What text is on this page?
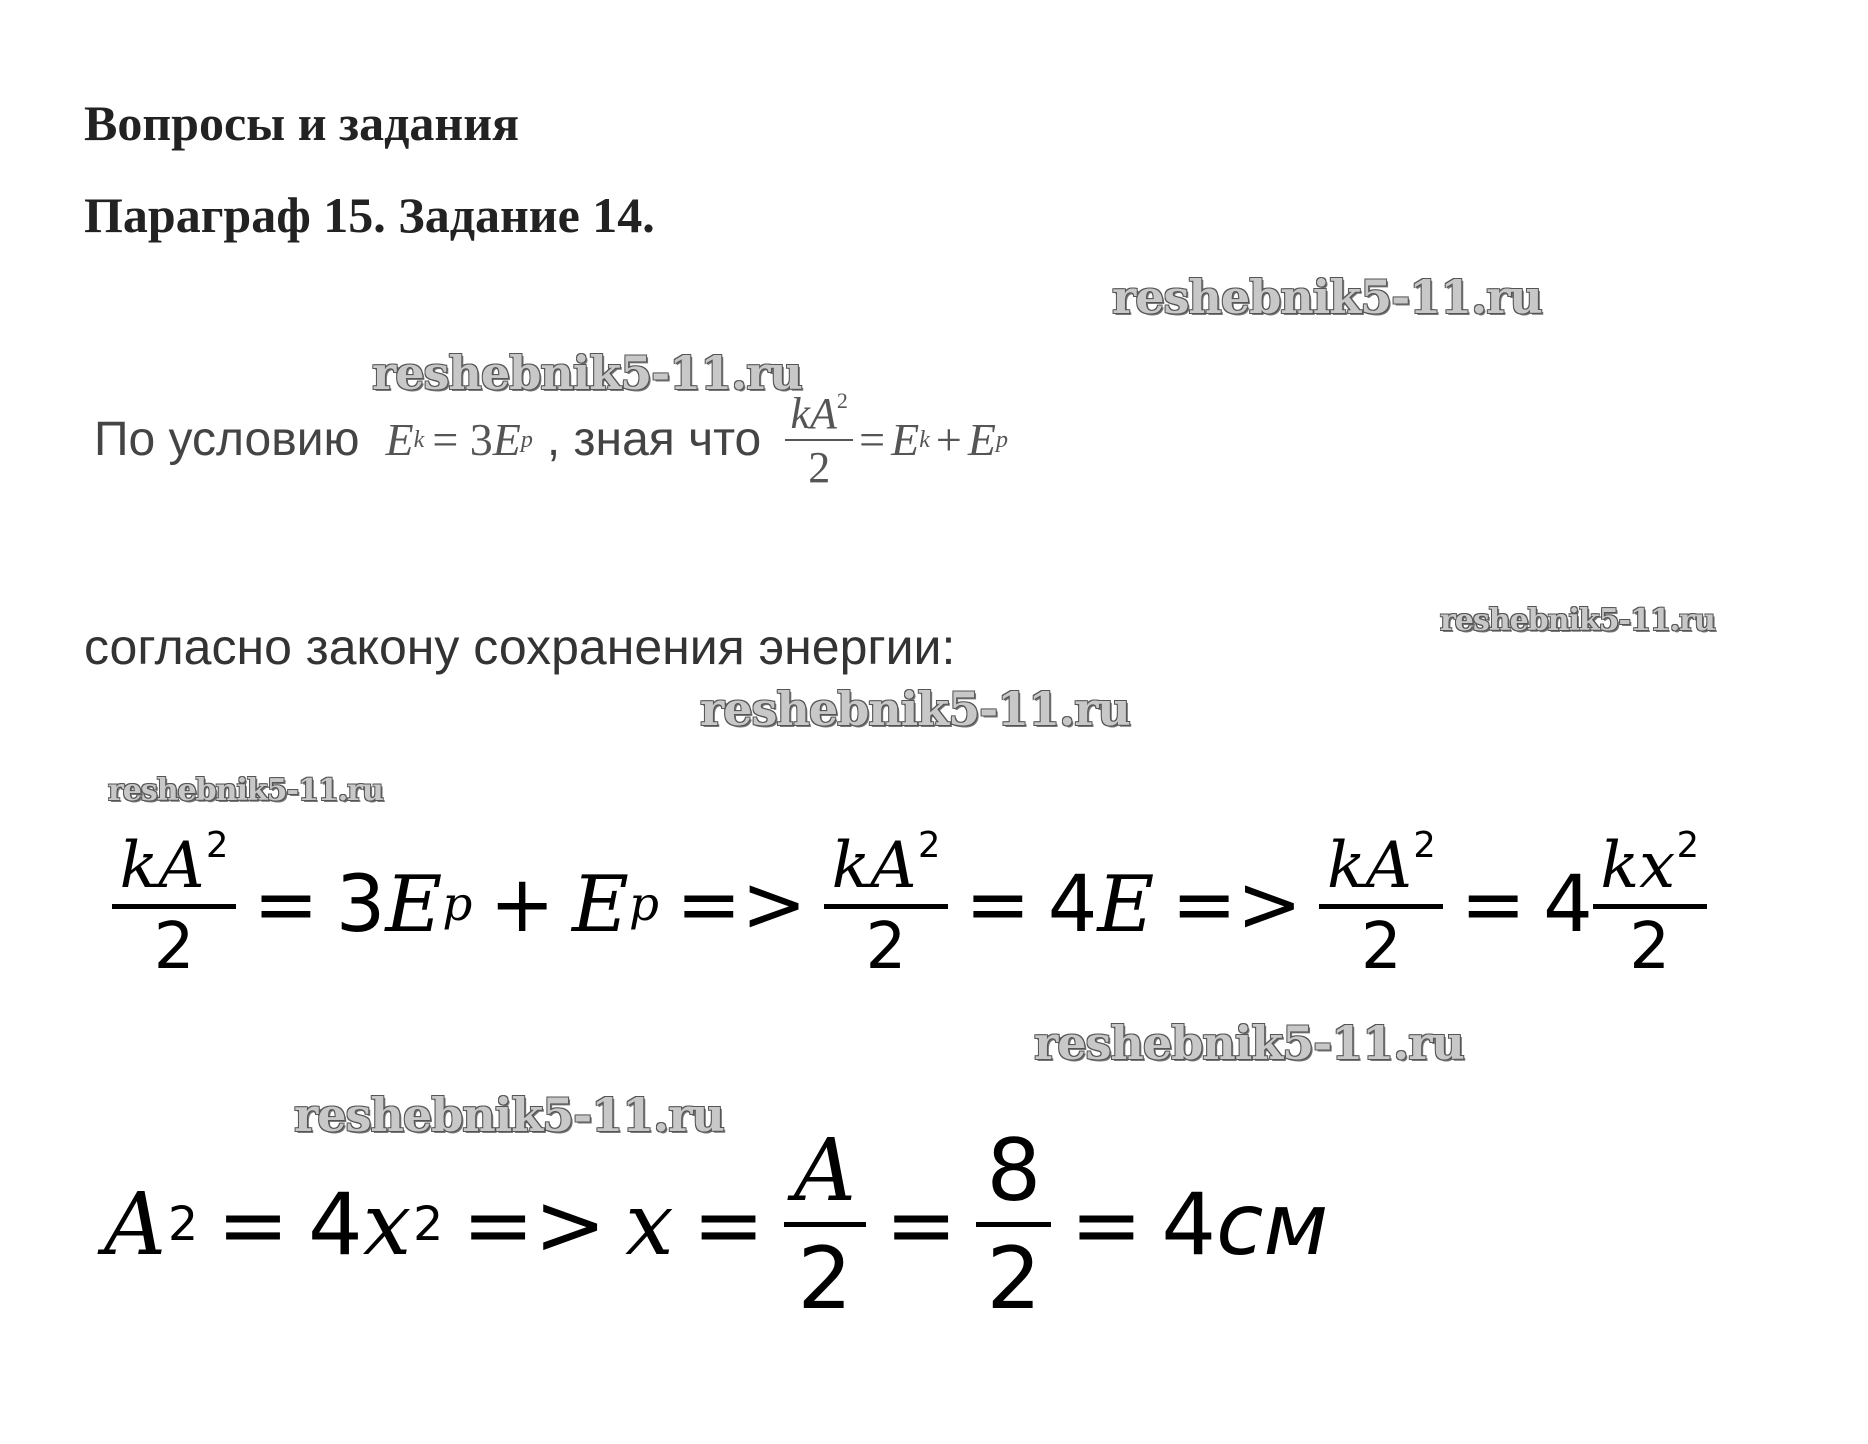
Вопросы и задания
Параграф 15. Задание 14.
reshebnik5-11.ru
reshebnik5-11.ru
reshebnik5-11.ru
reshebnik5-11.ru
reshebnik5-11.ru
reshebnik5-11.ru
reshebnik5-11.ru
По условию E k = 3 E p , зная что $\frac{kA^2}{2} = E$ k + E p
согласно закону сохранения энергии:
$\frac{kA^2}{2} = 3$ E p + E $p => \frac{kA^2}{2} = 4$ $E => \frac{kA^2}{2} = 4 \frac{kx^2}{2}$
A 2 = 4 x $2 => x = \frac{A}{2} = \frac{8}{2} = 4$ см
